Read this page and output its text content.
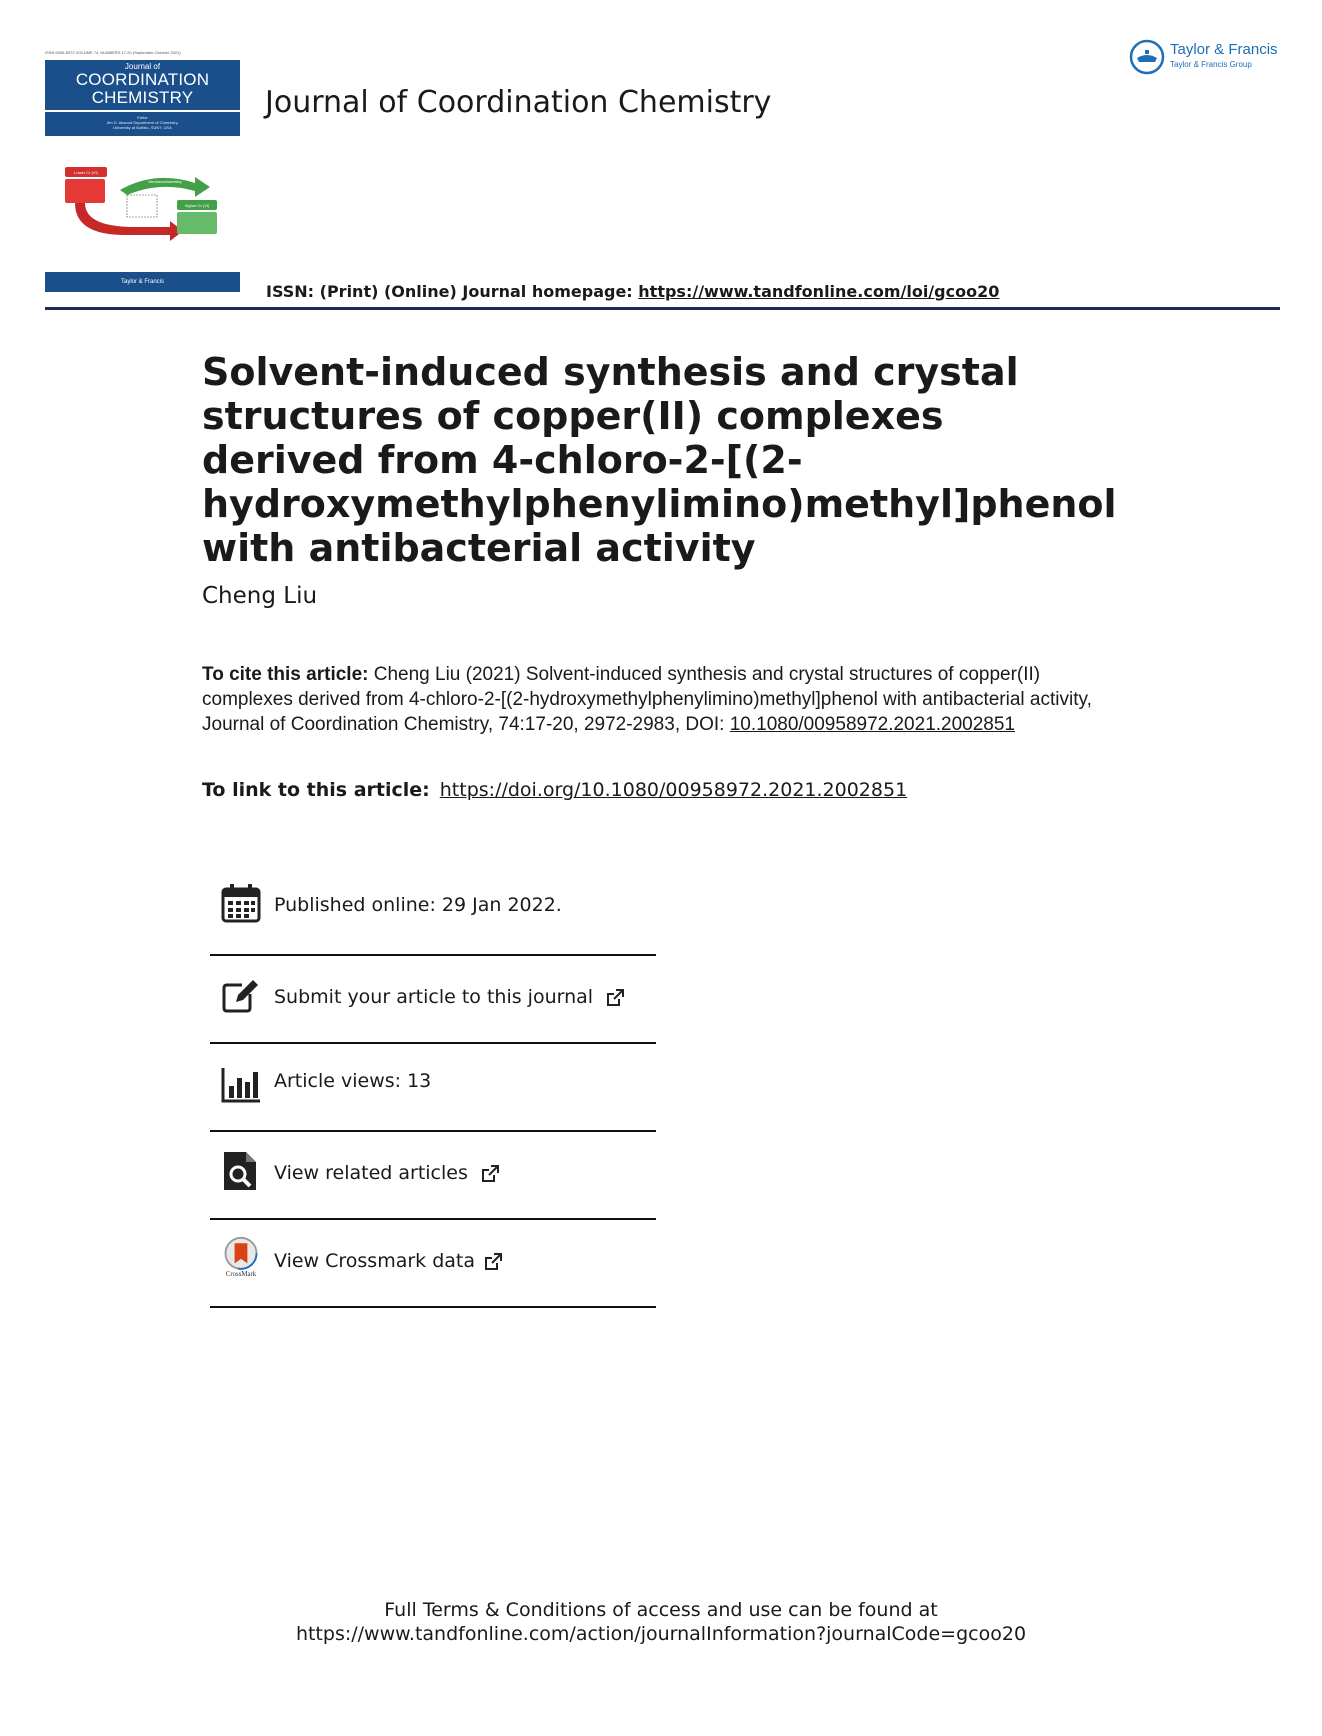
ISSN 0095-8972 VOLUME 74, NUMBERS 17-20 (September-October 2021)
Journal of
COORDINATION
CHEMISTRY
Editor
Jim D. Atwood Department of Chemistry,
University at Buffalo, SUNY, USA
Lower Cr (VI)
Conventional Method
Mechanochemistry
Higher Cr (VI)
Taylor & Francis
Journal of Coordination Chemistry
Taylor & Francis
Taylor & Francis Group
ISSN: (Print) (Online) Journal homepage: https://www.tandfonline.com/loi/gcoo20
Solvent-induced synthesis and crystal structures of copper(II) complexes derived from 4-chloro-2-[(2-hydroxymethylphenylimino)methyl]phenol with antibacterial activity
Cheng Liu
To cite this article: Cheng Liu (2021) Solvent-induced synthesis and crystal structures of copper(II) complexes derived from 4-chloro-2-[(2-hydroxymethylphenylimino)methyl]phenol with antibacterial activity, Journal of Coordination Chemistry, 74:17-20, 2972-2983, DOI: 10.1080/00958972.2021.2002851
To link to this article: https://doi.org/10.1080/00958972.2021.2002851
Published online: 29 Jan 2022.
Submit your article to this journal
Article views: 13
View related articles
CrossMark
View Crossmark data
Full Terms & Conditions of access and use can be found at
https://www.tandfonline.com/action/journalInformation?journalCode=gcoo20
